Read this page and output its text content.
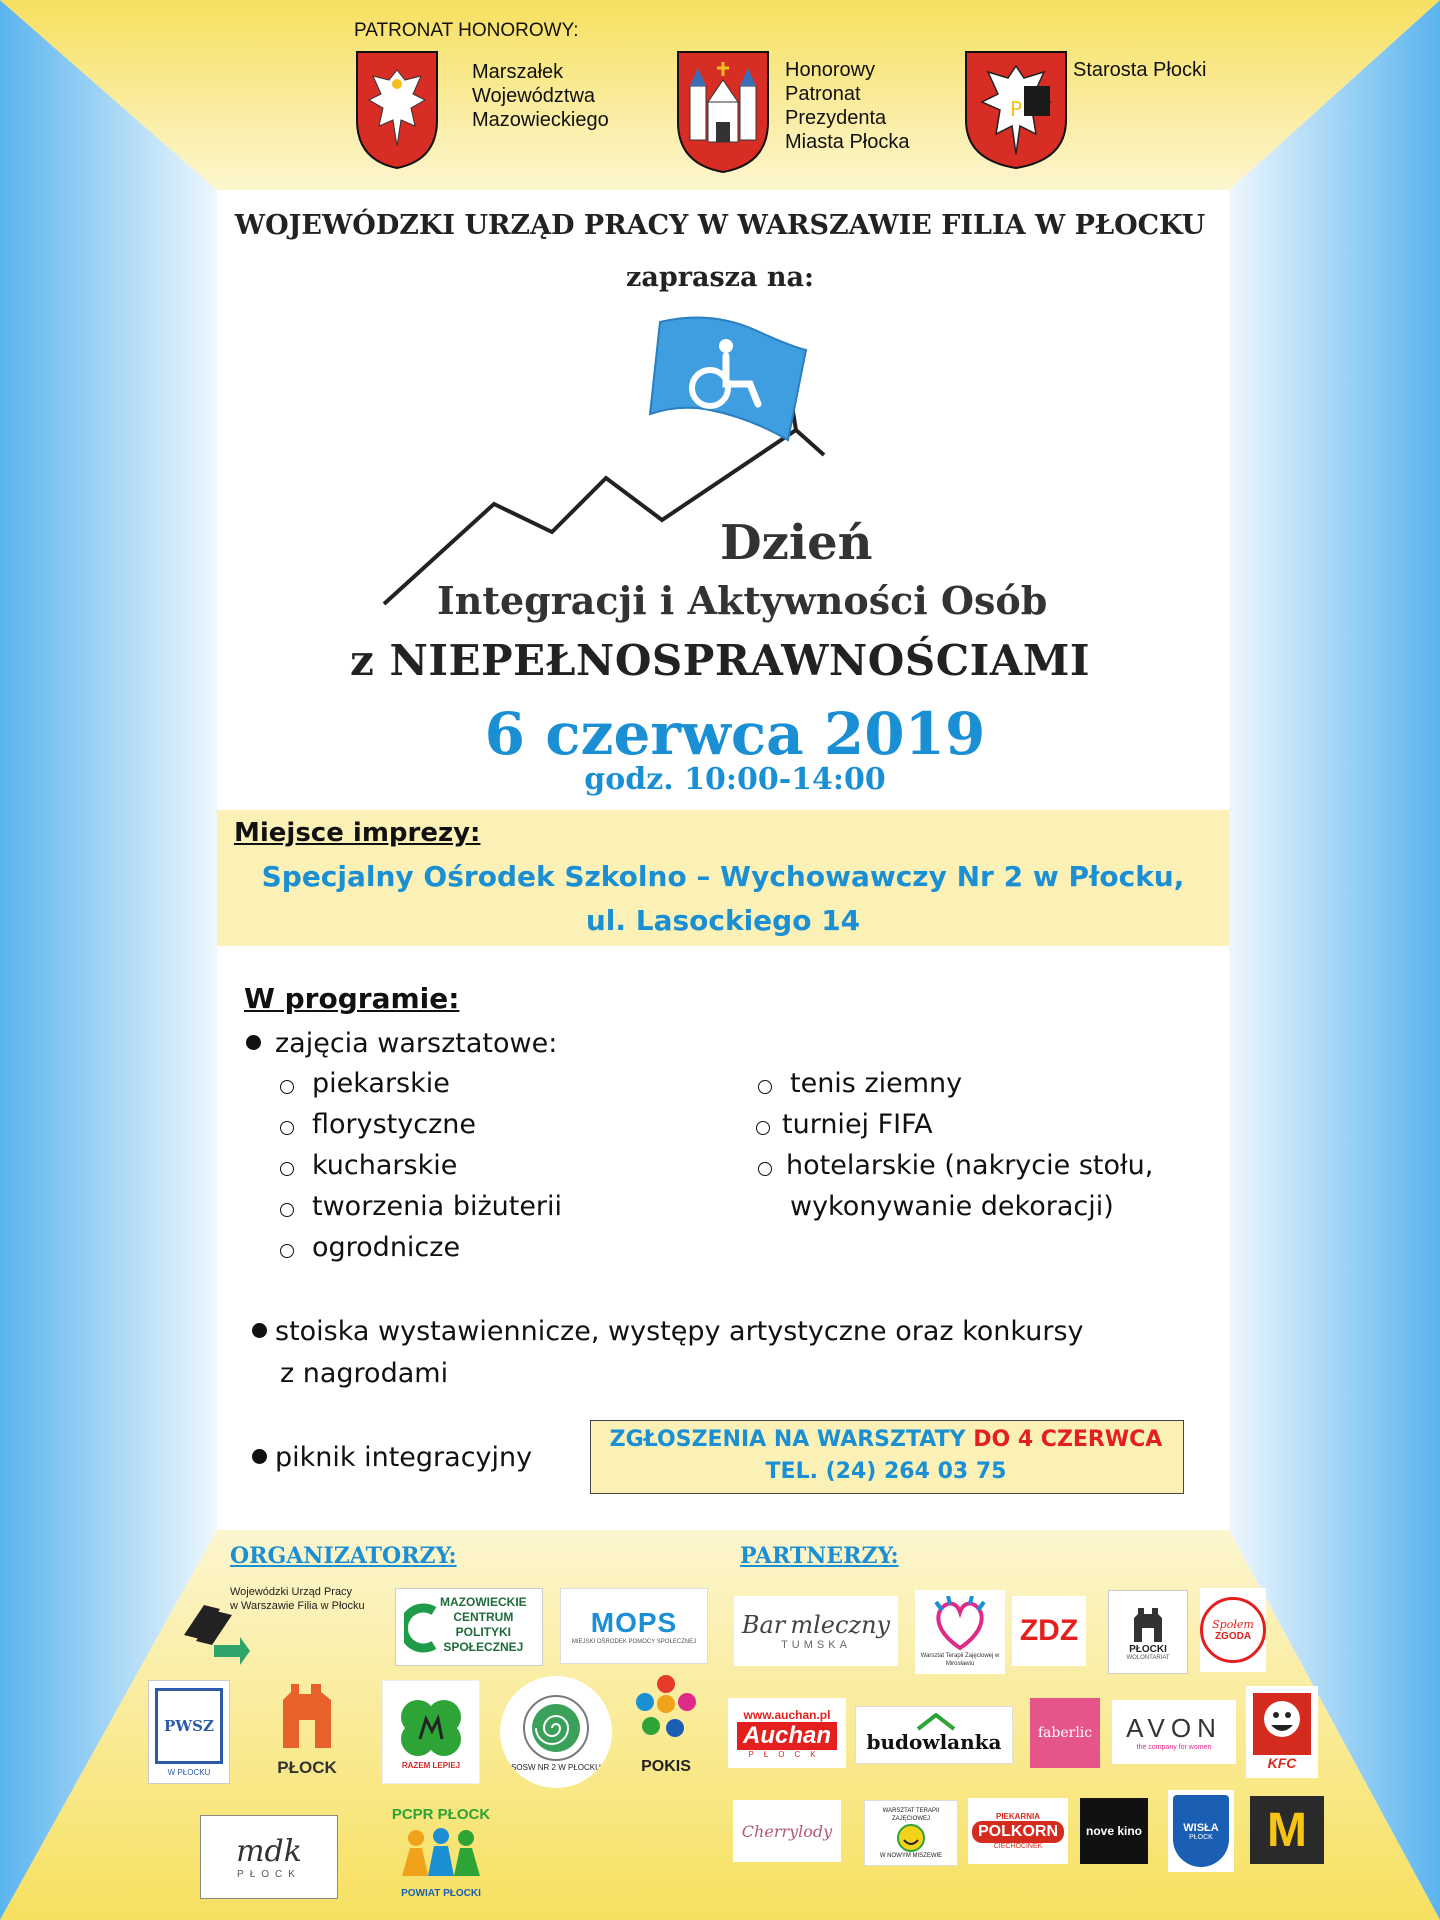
PATRONAT HONOROWY:
Marszałek
Województwa
Mazowieckiego
Honorowy
Patronat
Prezydenta
Miasta Płocka
P
Starosta Płocki
WOJEWÓDZKI URZĄD PRACY W WARSZAWIE FILIA W PŁOCKU
zaprasza na:
Dzień
Integracji i Aktywności Osób
z NIEPEŁNOSPRAWNOŚCIAMI
6 czerwca 2019
godz. 10:00-14:00
Miejsce imprezy:
Specjalny Ośrodek Szkolno – Wychowawczy Nr 2 w Płocku,
ul. Lasockiego 14
W programie:
zajęcia warsztatowe:
piekarskie
florystyczne
kucharskie
tworzenia biżuterii
ogrodnicze
tenis ziemny
turniej FIFA
hotelarskie (nakrycie stołu,
wykonywanie dekoracji)
stoiska wystawiennicze, występy artystyczne oraz konkursy
z nagrodami
piknik integracyjny
ZGŁOSZENIA NA WARSZTATY DO 4 CZERWCA
TEL. (24) 264 03 75
ORGANIZATORZY:	PARTNERZY:
Wojewódzki Urząd Pracy
w Warszawie Filia w Płocku	MAZOWIECKIE
CENTRUM
POLITYKI
SPOŁECZNEJ
MOPS
MIEJSKI OŚRODEK POMOCY SPOŁECZNEJ
PWSZ
W PŁOCKU	PŁOCK	RAZEM LEPIEJ	SOSW NR 2 W PŁOCKU	POKIS
mdk
PŁOCK
PCPR PŁOCK
POWIAT PŁOCKI
Bar mleczny
TUMSKA
Warsztat Terapii Zajęciowej w Mirosławiu
ZDZ
PŁOCKI
WOLONTARIAT
Społem
ZGODA
www.auchan.pl
Auchan
PŁOCK budowlanka	faberlic AVON
the company for women
KFC
Cherrylody
WARSZTAT TERAPII ZAJĘCIOWEJ
W NOWYM MISZEWIE
PIEKARNIA
POLKORN
CIECHOCINEK
nove kino	WISŁA
PŁOCK M
